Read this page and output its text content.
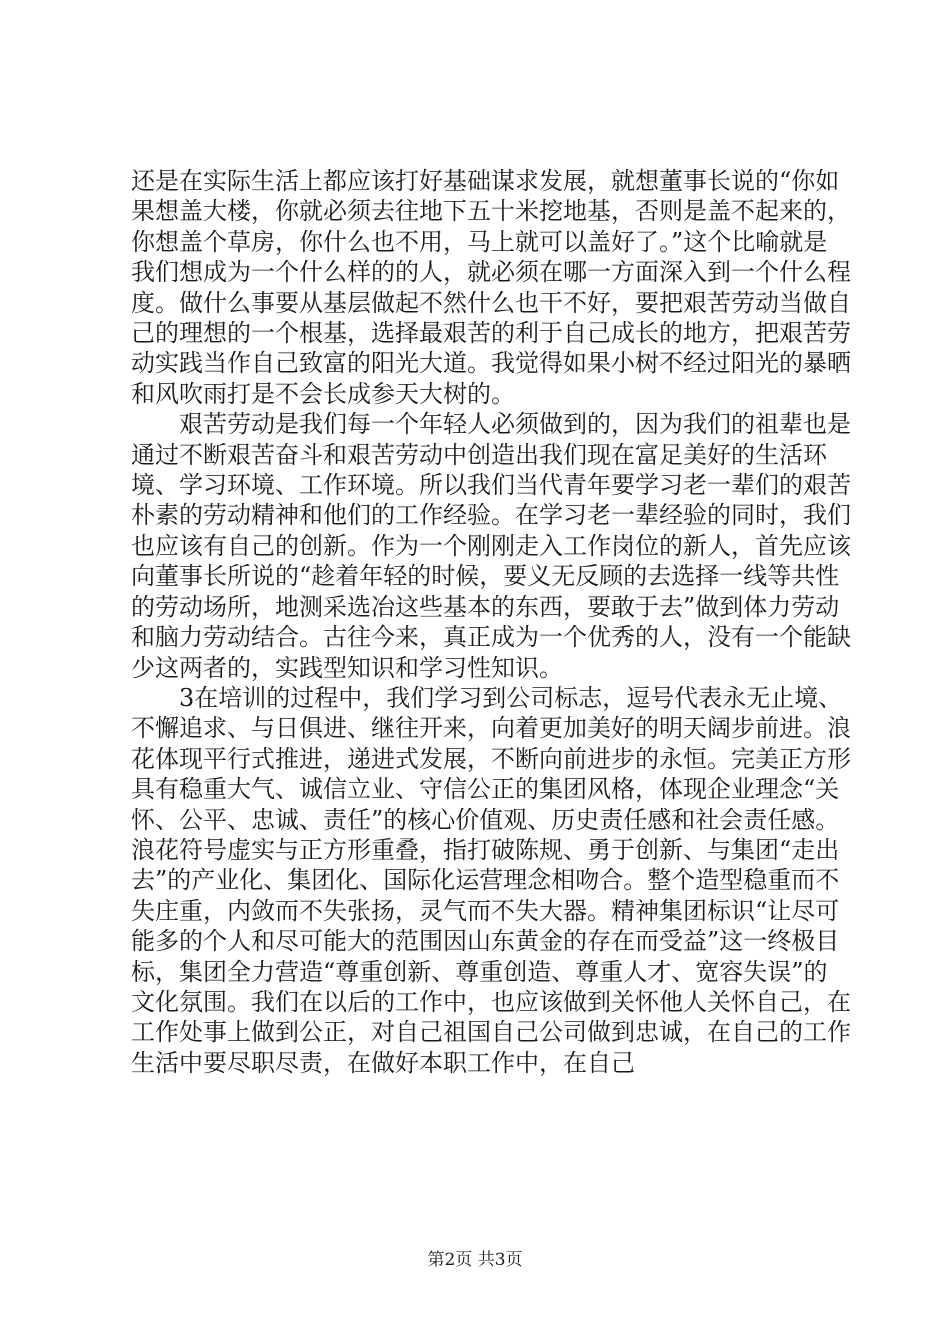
还是在实际生活上都应该打好基础谋求发展，就想董事长说的“你如果想盖大楼，你就必须去往地下五十米挖地基，否则是盖不起来的，你想盖个草房，你什么也不用，马上就可以盖好了。”这个比喻就是我们想成为一个什么样的的人，就必须在哪一方面深入到一个什么程度。做什么事要从基层做起不然什么也干不好，要把艰苦劳动当做自己的理想的一个根基，选择最艰苦的利于自己成长的地方，把艰苦劳动实践当作自己致富的阳光大道。我觉得如果小树不经过阳光的暴晒和风吹雨打是不会长成参天大树的。

艰苦劳动是我们每一个年轻人必须做到的，因为我们的祖辈也是通过不断艰苦奋斗和艰苦劳动中创造出我们现在富足美好的生活环境、学习环境、工作环境。所以我们当代青年要学习老一辈们的艰苦朴素的劳动精神和他们的工作经验。在学习老一辈经验的同时，我们也应该有自己的创新。作为一个刚刚走入工作岗位的新人，首先应该向董事长所说的“趁着年轻的时候，要义无反顾的去选择一线等共性的劳动场所，地测采选冶这些基本的东西，要敢于去”做到体力劳动和脑力劳动结合。古往今来，真正成为一个优秀的人，没有一个能缺少这两者的，实践型知识和学习性知识。

3在培训的过程中，我们学习到公司标志，逗号代表永无止境、不懈追求、与日俱进、继往开来，向着更加美好的明天阔步前进。浪花体现平行式推进，递进式发展，不断向前进步的永恒。完美正方形具有稳重大气、诚信立业、守信公正的集团风格，体现企业理念“关怀、公平、忠诚、责任”的核心价值观、历史责任感和社会责任感。浪花符号虚实与正方形重叠，指打破陈规、勇于创新、与集团“走出去”的产业化、集团化、国际化运营理念相吻合。整个造型稳重而不失庄重，内敛而不失张扬，灵气而不失大器。精神集团标识“让尽可能多的个人和尽可能大的范围因山东黄金的存在而受益”这一终极目标，集团全力营造“尊重创新、尊重创造、尊重人才、宽容失误”的文化氛围。我们在以后的工作中，也应该做到关怀他人关怀自己，在工作处事上做到公正，对自己祖国自己公司做到忠诚，在自己的工作生活中要尽职尽责，在做好本职工作中，在自己

第2页 共3页
